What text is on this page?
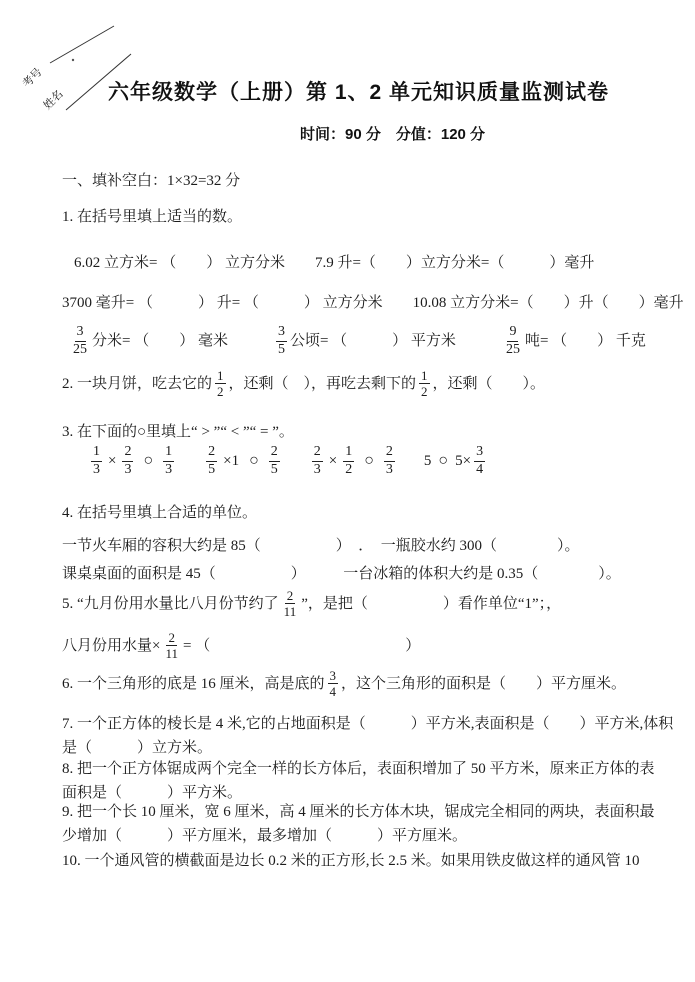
考号
姓名 六年级数学（上册）第 1、2 单元知识质量监测试卷
时间：90 分　分值：120 分
一、填补空白：1×32=32 分
1. 在括号里填上适当的数。
6.02 立方米= （　　） 立方分米　　7.9 升=（　　）立方分米=（　　　）毫升
3700 毫升= （　　　） 升= （　　　） 立方分米　　10.08 立方分米=（　　）升（　　）毫升
$\frac{3}{25}$ 分米= （　　） 毫米	$\frac{3}{5}$ 公顷= （　　　） 平方米	$\frac{9}{25}$ 吨= （　　） 千克
2. 一块月饼，吃去它的 $\frac{1}{2}$ ，还剩（　），再吃去剩下的 $\frac{1}{2}$ ，还剩（　　）。
3. 在下面的○里填上“ > ”“ < ”“ = ”。
$\frac{1}{3} \times \frac{2}{3}$ ○ $\frac{1}{3} \frac{2}{5} \times 1$ ○ $\frac{2}{5} \frac{2}{3} \times \frac{1}{2}$ ○ $\frac{2}{3} 5$ ○ $5\times \frac{3}{4}$
4. 在括号里填上合适的单位。
一节火车厢的容积大约是 85（　　　　　）　．　一瓶胶水约 300（　　　　）。
课桌桌面的面积是 45（　　　　　）　　　一台冰箱的体积大约是 0.35（　　　　）。
5. “九月份用水量比八月份节约了 $\frac{2}{11}$ ”，是把（　　　　　）看作单位“1”；，
八月份用水量× $\frac{2}{11}$ = （　　　　　　　　　　　　　）
6. 一个三角形的底是 16 厘米，高是底的 $\frac{3}{4}$ ，这个三角形的面积是（　　）平方厘米。
7. 一个正方体的棱长是 4 米,它的占地面积是（　　　）平方米,表面积是（　　）平方米,体积
是（　　　）立方米。
8. 把一个正方体锯成两个完全一样的长方体后，表面积增加了 50 平方米，原来正方体的表
面积是（　　　）平方米。
9. 把一个长 10 厘米，宽 6 厘米，高 4 厘米的长方体木块，锯成完全相同的两块，表面积最
少增加（　　　）平方厘米，最多增加（　　　）平方厘米。
10. 一个通风管的横截面是边长 0.2 米的正方形,长 2.5 米。如果用铁皮做这样的通风管 10
